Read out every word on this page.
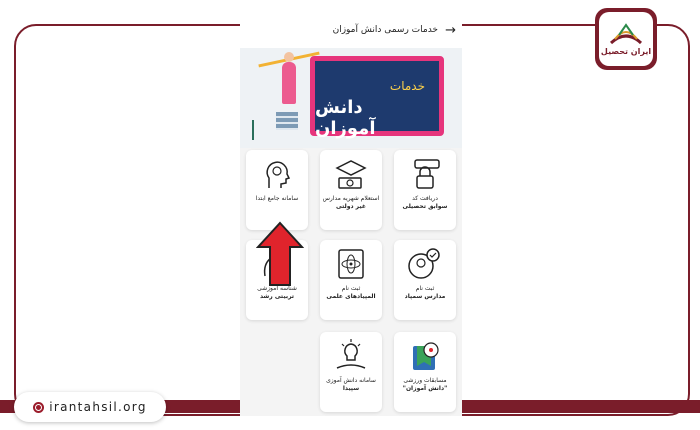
irantahsil.org
ایران تحصیل
→
خدمات رسمی دانش آموزان
خدمات
دانش آموزان
دریافت کد
سوابق تحصیلی
استعلام شهریه مدارس
غیر دولتی
سامانه جامع ابتدا
ثبت نام
مدارس سمپاد
ثبت نام
المپیادهای علمی
شناسه آموزشی
تربیتی رشد
مسابقات ورزشی
"دانش آموزان"
سامانه دانش آموزی
سپیدا
